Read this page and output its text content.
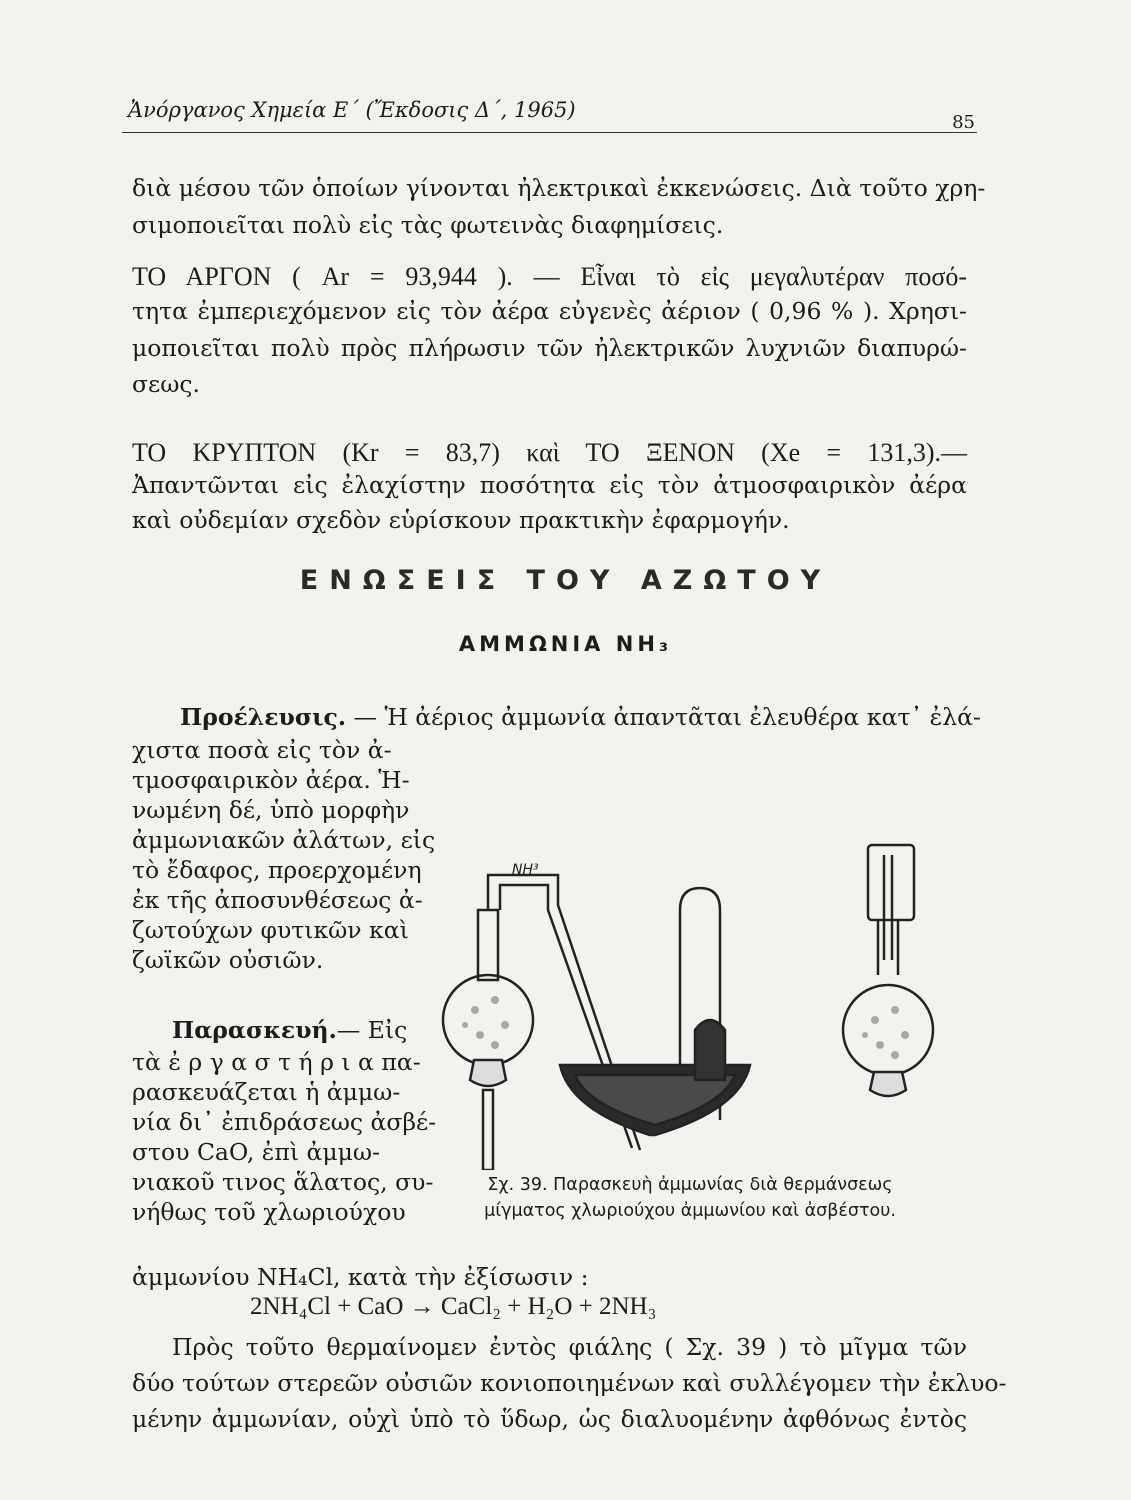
Ἀνόργανος Χημεία Ε΄ (Ἔκδοσις Δ΄, 1965)
85
διὰ μέσου τῶν ὁποίων γίνονται ἠλεκτρικαὶ ἐκκενώσεις. Διὰ τοῦτο χρη-
σιμοποιεῖται πολὺ εἰς τὰς φωτεινὰς διαφημίσεις.
ΤΟ ΑΡΓΟΝ ( Ar = 93,944 ). — Εἶναι τὸ εἰς μεγαλυτέραν ποσό-
τητα ἐμπεριεχόμενον εἰς τὸν ἀέρα εὐγενὲς ἀέριον ( 0,96 % ). Χρησι-
μοποιεῖται πολὺ πρὸς πλήρωσιν τῶν ἠλεκτρικῶν λυχνιῶν διαπυρώ-
σεως.
ΤΟ ΚΡΥΠΤΟΝ (Kr = 83,7) καὶ ΤΟ ΞΕΝΟΝ (Xe = 131,3).—
Ἀπαντῶνται εἰς ἐλαχίστην ποσότητα εἰς τὸν ἀτμοσφαιρικὸν ἀέρα
καὶ οὐδεμίαν σχεδὸν εὑρίσκουν πρακτικὴν ἐφαρμογήν.
ΕΝΩΣΕΙΣ ΤΟΥ ΑΖΩΤΟΥ
ΑΜΜΩΝΙΑ NH₃
Προέλευσις. — Ἡ ἀέριος ἀμμωνία ἀπαντᾶται ἐλευθέρα κατ᾽ ἐλά-
χιστα ποσὰ εἰς τὸν ἀ-
τμοσφαιρικὸν ἀέρα. Ἡ-
νωμένη δέ, ὑπὸ μορφὴν
ἀμμωνιακῶν ἀλάτων, εἰς
τὸ ἔδαφος, προερχομένη
ἐκ τῆς ἀποσυνθέσεως ἀ-
ζωτούχων φυτικῶν καὶ
ζωϊκῶν οὐσιῶν.
Παρασκευή.— Εἰς
τὰ ἐ ρ γ α σ τ ή ρ ι α πα-
ρασκευάζεται ἡ ἀμμω-
νία δι᾽ ἐπιδράσεως ἀσβέ-
στου CaO, ἐπὶ ἀμμω-
νιακοῦ τινος ἅλατος, συ-
νήθως τοῦ χλωριούχου
ἀμμωνίου NH₄Cl, κατὰ τὴν ἐξίσωσιν :
2NH₄Cl + CaO → CaCl₂ + H₂O + 2NH₃
Πρὸς τοῦτο θερμαίνομεν ἐντὸς φιάλης ( Σχ. 39 ) τὸ μῖγμα τῶν
δύο τούτων στερεῶν οὐσιῶν κονιοποιημένων καὶ συλλέγομεν τὴν ἐκλυο-
μένην ἀμμωνίαν, οὐχὶ ὑπὸ τὸ ὕδωρ, ὡς διαλυομένην ἀφθόνως ἐντὸς
NH³
Σχ. 39. Παρασκευὴ ἀμμωνίας διὰ θερμάνσεως
μίγματος χλωριούχου ἀμμωνίου καὶ ἀσβέστου.
